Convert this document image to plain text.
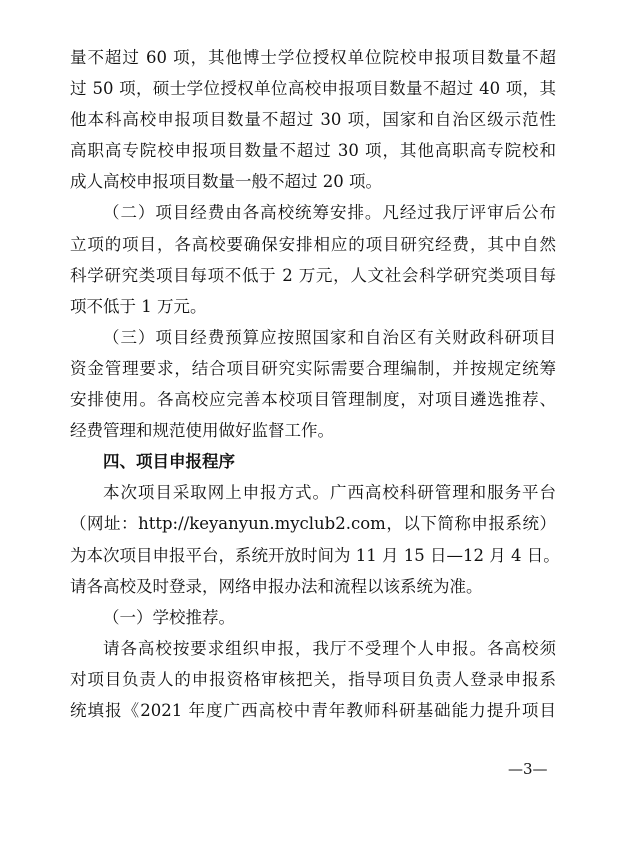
量不超过 60 项，其他博士学位授权单位院校申报项目数量不超
过 50 项，硕士学位授权单位高校申报项目数量不超过 40 项，其
他本科高校申报项目数量不超过 30 项，国家和自治区级示范性
高职高专院校申报项目数量不超过 30 项，其他高职高专院校和
成人高校申报项目数量一般不超过 20 项。
（二）项目经费由各高校统筹安排。凡经过我厅评审后公布
立项的项目，各高校要确保安排相应的项目研究经费，其中自然
科学研究类项目每项不低于 2 万元，人文社会科学研究类项目每
项不低于 1 万元。
（三）项目经费预算应按照国家和自治区有关财政科研项目
资金管理要求，结合项目研究实际需要合理编制，并按规定统筹
安排使用。各高校应完善本校项目管理制度，对项目遴选推荐、
经费管理和规范使用做好监督工作。
四、项目申报程序
本次项目采取网上申报方式。广西高校科研管理和服务平台
（网址：http://keyanyun.myclub2.com，以下简称申报系统）
为本次项目申报平台，系统开放时间为 11 月 15 日—12 月 4 日。
请各高校及时登录，网络申报办法和流程以该系统为准。
（一）学校推荐。
请各高校按要求组织申报，我厅不受理个人申报。各高校须
对项目负责人的申报资格审核把关，指导项目负责人登录申报系
统填报《2021 年度广西高校中青年教师科研基础能力提升项目
—3—
